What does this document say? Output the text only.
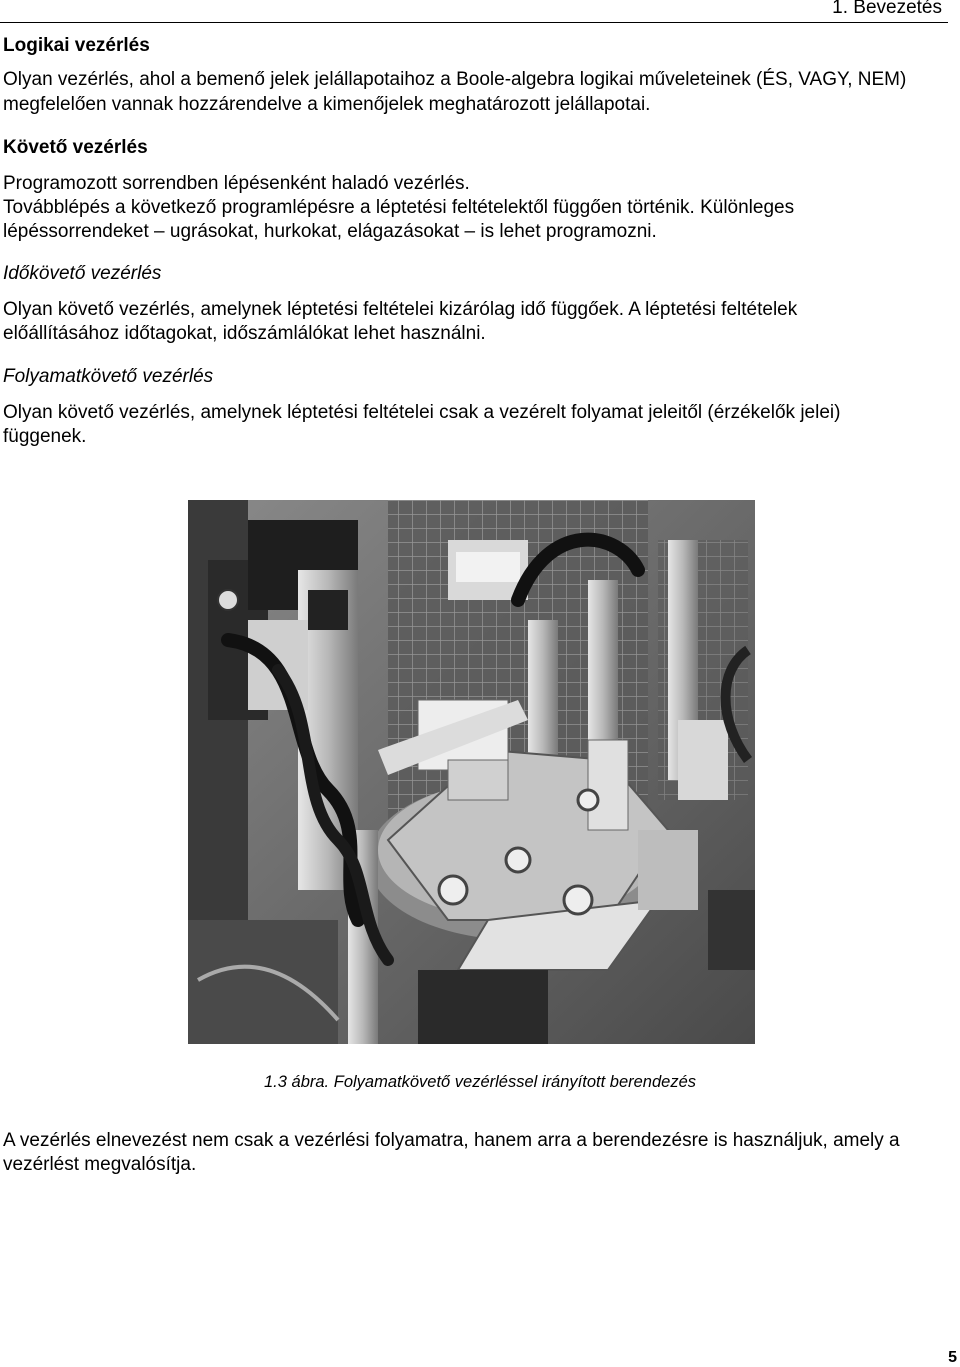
1. Bevezetés
Logikai vezérlés

Olyan vezérlés, ahol a bemenő jelek jelállapotaihoz a Boole-algebra logikai műveleteinek (ÉS, VAGY, NEM)

megfelelően vannak hozzárendelve a kimenőjelek meghatározott jelállapotai.

Követő vezérlés

Programozott sorrendben lépésenként haladó vezérlés.

Továbblépés a következő programlépésre a léptetési feltételektől függően történik. Különleges

lépéssorrendeket – ugrásokat, hurkokat, elágazásokat – is lehet programozni.

Időkövető vezérlés

Olyan követő vezérlés, amelynek léptetési feltételei kizárólag idő függőek. A léptetési feltételek

előállításához időtagokat, időszámlálókat lehet használni.

Folyamatkövető vezérlés

Olyan követő vezérlés, amelynek léptetési feltételei csak a vezérelt folyamat jeleitől (érzékelők jelei)

függenek.

1.3 ábra. Folyamatkövető vezérléssel irányított berendezés

A vezérlés elnevezést nem csak a vezérlési folyamatra, hanem arra a berendezésre is használjuk, amely a

vezérlést megvalósítja.

5
